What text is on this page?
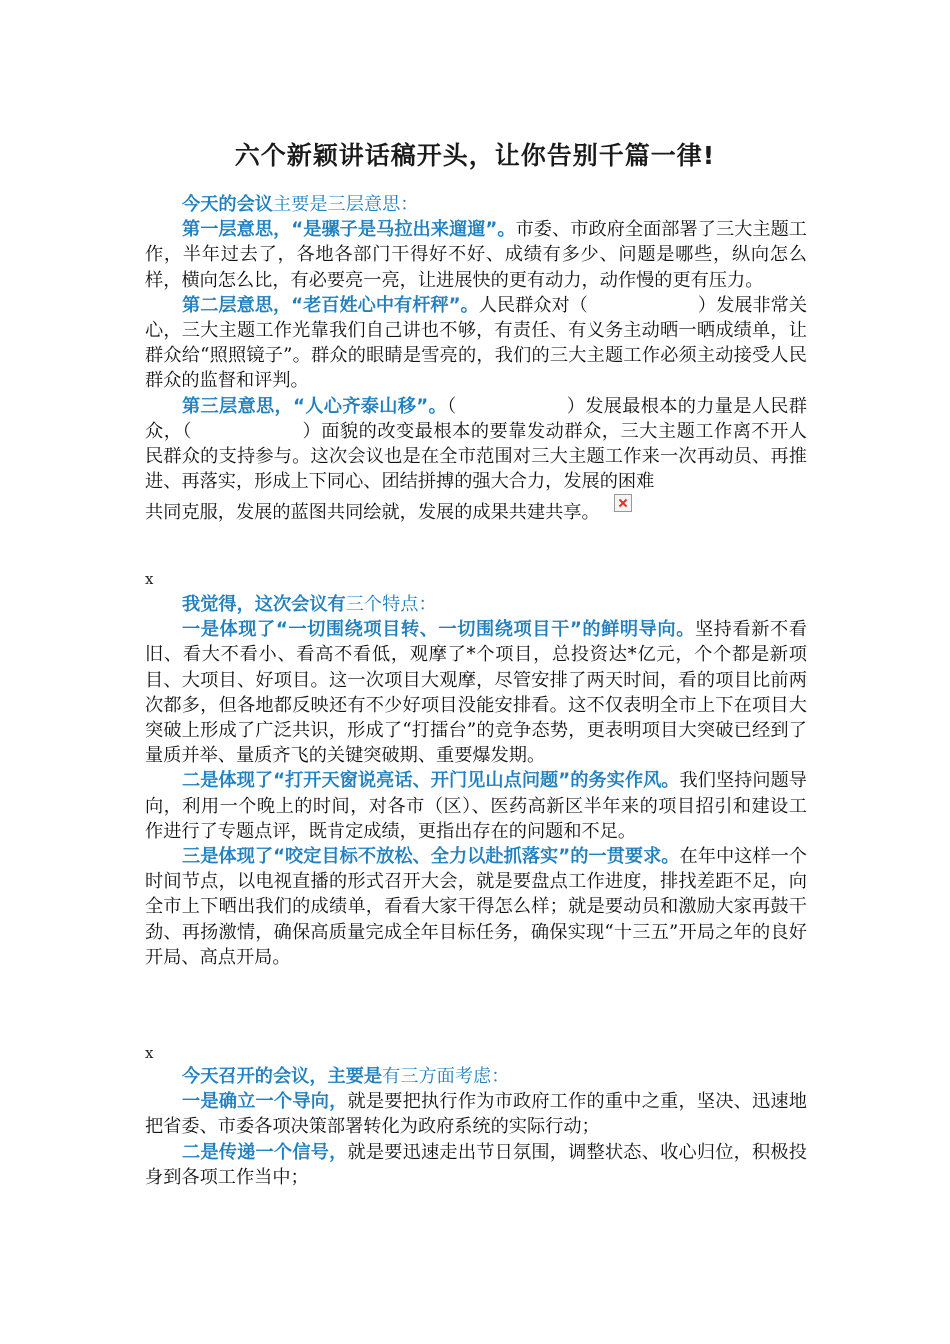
六个新颖讲话稿开头，让你告别千篇一律!

今天的会议主要是三层意思：

第一层意思，“是骡子是马拉出来遛遛”。市委、市政府全面部署了三大主题工作，半年过去了，各地各部门干得好不好、成绩有多少、问题是哪些，纵向怎么样，横向怎么比，有必要亮一亮，让进展快的更有动力，动作慢的更有压力。

第二层意思，“老百姓心中有杆秤”。人民群众对（	）发展非常关心，三大主题工作光靠我们自己讲也不够，有责任、有义务主动晒一晒成绩单，让群众给“照照镜子”。群众的眼睛是雪亮的，我们的三大主题工作必须主动接受人民群众的监督和评判。

第三层意思，“人心齐泰山移”。（	）发展最根本的力量是人民群众，（	）面貌的改变最根本的要靠发动群众，三大主题工作离不开人民群众的支持参与。这次会议也是在全市范围对三大主题工作来一次再动员、再推进、再落实，形成上下同心、团结拼搏的强大合力，发展的困难

共同克服，发展的蓝图共同绘就，发展的成果共建共享。

x

我觉得，这次会议有三个特点：

一是体现了“一切围绕项目转、一切围绕项目干”的鲜明导向。坚持看新不看旧、看大不看小、看高不看低，观摩了*个项目，总投资达*亿元，个个都是新项目、大项目、好项目。这一次项目大观摩，尽管安排了两天时间，看的项目比前两次都多，但各地都反映还有不少好项目没能安排看。这不仅表明全市上下在项目大突破上形成了广泛共识，形成了“打擂台”的竞争态势，更表明项目大突破已经到了量质并举、量质齐飞的关键突破期、重要爆发期。

二是体现了“打开天窗说亮话、开门见山点问题”的务实作风。我们坚持问题导向，利用一个晚上的时间，对各市（区）、医药高新区半年来的项目招引和建设工作进行了专题点评，既肯定成绩，更指出存在的问题和不足。

三是体现了“咬定目标不放松、全力以赴抓落实”的一贯要求。在年中这样一个时间节点，以电视直播的形式召开大会，就是要盘点工作进度，排找差距不足，向全市上下晒出我们的成绩单，看看大家干得怎么样；就是要动员和激励大家再鼓干劲、再扬激情，确保高质量完成全年目标任务，确保实现“十三五”开局之年的良好开局、高点开局。

x

今天召开的会议，主要是有三方面考虑：

一是确立一个导向，就是要把执行作为市政府工作的重中之重，坚决、迅速地把省委、市委各项决策部署转化为政府系统的实际行动；

二是传递一个信号，就是要迅速走出节日氛围，调整状态、收心归位，积极投身到各项工作当中；
